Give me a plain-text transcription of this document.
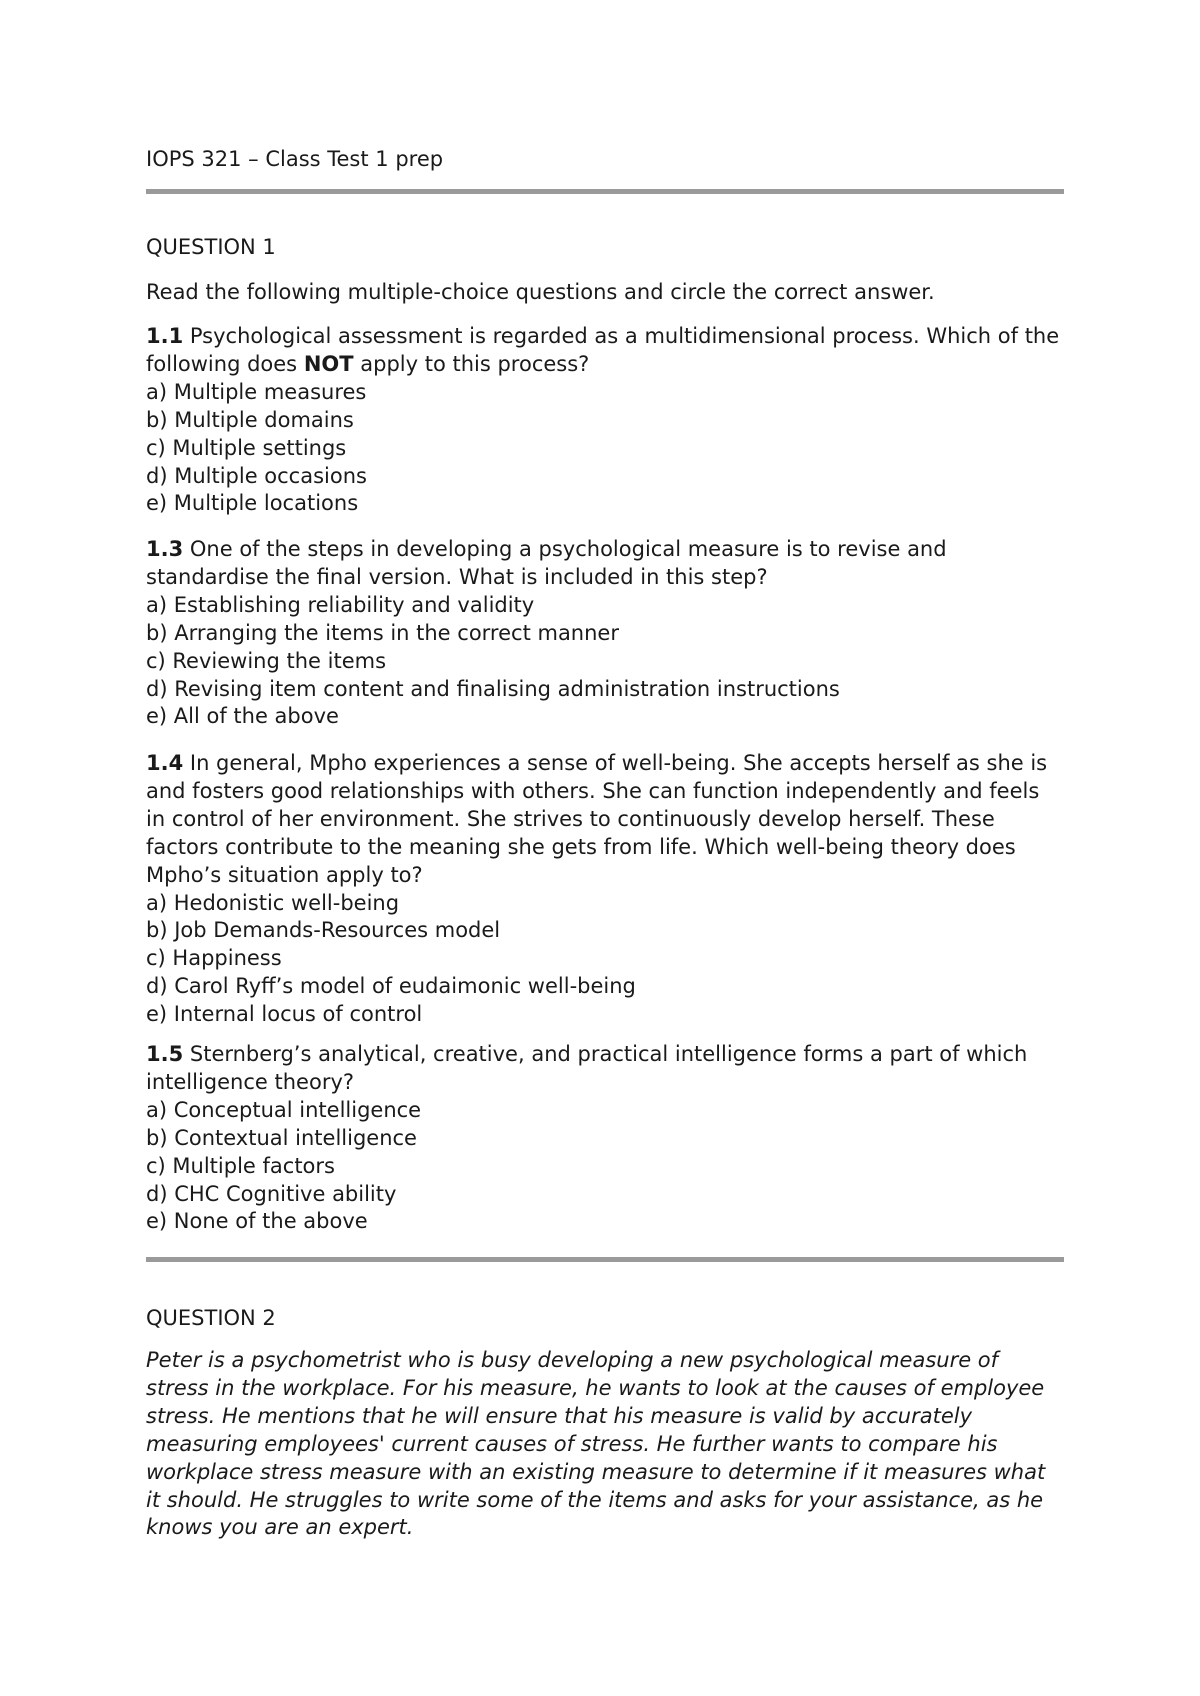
IOPS 321 – Class Test 1 prep
QUESTION 1

Read the following multiple-choice questions and circle the correct answer.

1.1 Psychological assessment is regarded as a multidimensional process. Which of the following does NOT apply to this process?

a) Multiple measures
b) Multiple domains
c) Multiple settings
d) Multiple occasions
e) Multiple locations

1.3 One of the steps in developing a psychological measure is to revise and standardise the final version. What is included in this step?

a) Establishing reliability and validity
b) Arranging the items in the correct manner
c) Reviewing the items
d) Revising item content and finalising administration instructions
e) All of the above

1.4 In general, Mpho experiences a sense of well-being. She accepts herself as she is and fosters good relationships with others. She can function independently and feels in control of her environment. She strives to continuously develop herself. These factors contribute to the meaning she gets from life. Which well-being theory does Mpho’s situation apply to?

a) Hedonistic well-being
b) Job Demands-Resources model
c) Happiness
d) Carol Ryff’s model of eudaimonic well-being
e) Internal locus of control

1.5 Sternberg’s analytical, creative, and practical intelligence forms a part of which intelligence theory?

a) Conceptual intelligence
b) Contextual intelligence
c) Multiple factors
d) CHC Cognitive ability
e) None of the above
QUESTION 2

Peter is a psychometrist who is busy developing a new psychological measure of stress in the workplace. For his measure, he wants to look at the causes of employee stress. He mentions that he will ensure that his measure is valid by accurately measuring employees' current causes of stress. He further wants to compare his workplace stress measure with an existing measure to determine if it measures what it should. He struggles to write some of the items and asks for your assistance, as he knows you are an expert.
